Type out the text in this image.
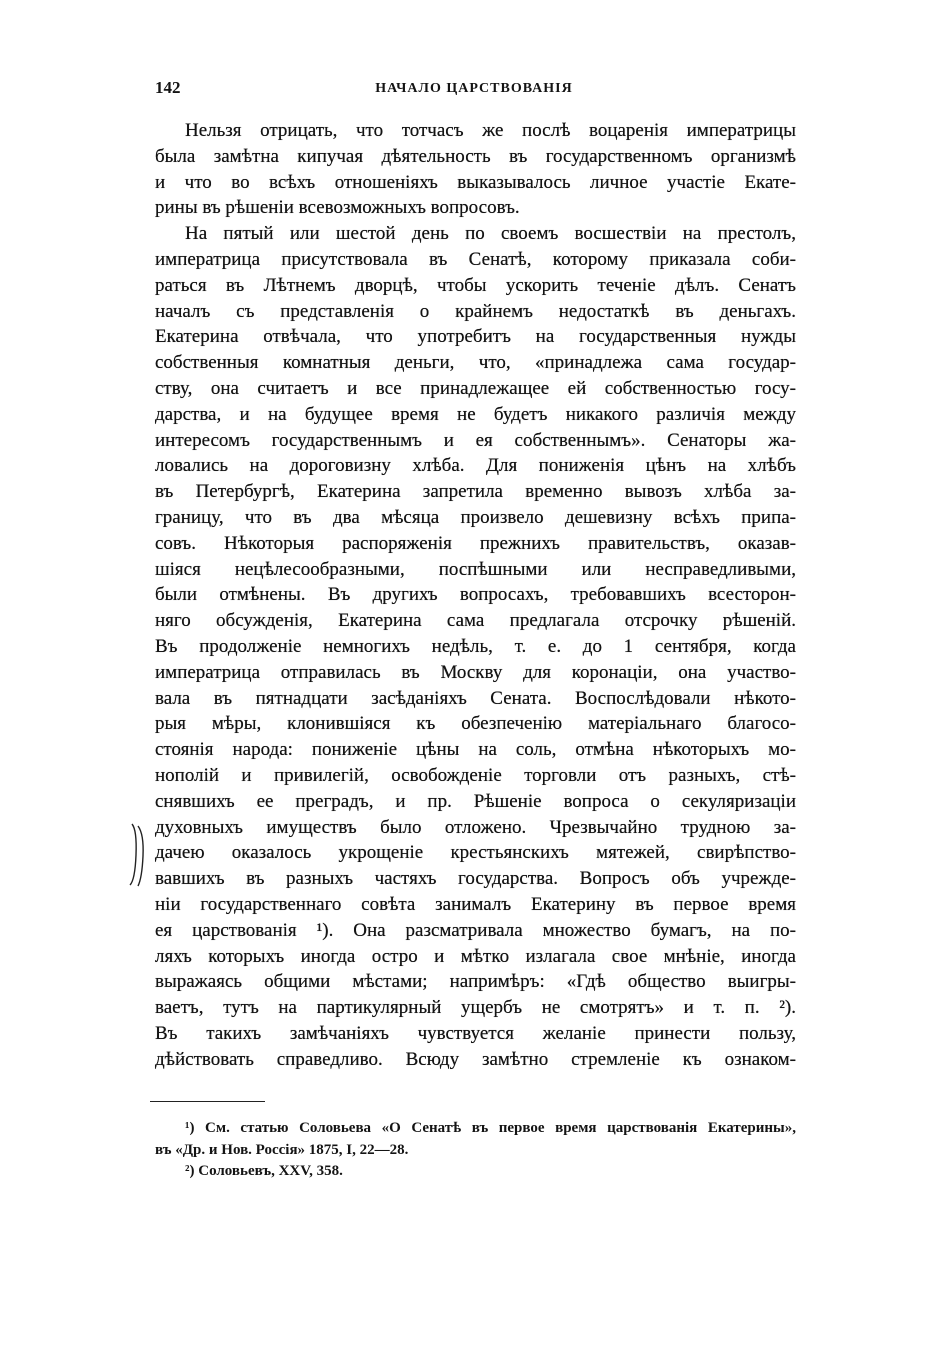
142	НАЧАЛО ЦАРСТВОВАНІЯ
Нельзя отрицать, что тотчасъ же послѣ воцаренія императрицы
была замѣтна кипучая дѣятельность въ государственномъ организмѣ
и что во всѣхъ отношеніяхъ выказывалось личное участіе Екате-
рины въ рѣшеніи всевозможныхъ вопросовъ.
На пятый или шестой день по своемъ восшествіи на престолъ,
императрица присутствовала въ Сенатѣ, которому приказала соби-
раться въ Лѣтнемъ дворцѣ, чтобы ускорить теченіе дѣлъ. Сенатъ
началъ съ представленія о крайнемъ недостаткѣ въ деньгахъ.
Екатерина отвѣчала, что употребитъ на государственныя нужды
собственныя комнатныя деньги, что, «принадлежа сама государ-
ству, она считаетъ и все принадлежащее ей собственностью госу-
дарства, и на будущее время не будетъ никакого различія между
интересомъ государственнымъ и ея собственнымъ». Сенаторы жа-
ловались на дороговизну хлѣба. Для пониженія цѣнъ на хлѣбъ
въ Петербургѣ, Екатерина запретила временно вывозъ хлѣба за-
границу, что въ два мѣсяца произвело дешевизну всѣхъ припа-
совъ. Нѣкоторыя распоряженія прежнихъ правительствъ, оказав-
шіяся нецѣлесообразными, поспѣшными или несправедливыми,
были отмѣнены. Въ другихъ вопросахъ, требовавшихъ всесторон-
няго обсужденія, Екатерина сама предлагала отсрочку рѣшеній.
Въ продолженіе немногихъ недѣль, т. е. до 1 сентября, когда
императрица отправилась въ Москву для коронаціи, она участво-
вала въ пятнадцати засѣданіяхъ Сената. Воспослѣдовали нѣкото-
рыя мѣры, клонившіяся къ обезпеченію матеріальнаго благосо-
стоянія народа: пониженіе цѣны на соль, отмѣна нѣкоторыхъ мо-
нополій и привилегій, освобожденіе торговли отъ разныхъ, стѣ-
снявшихъ ее преградъ, и пр. Рѣшеніе вопроса о секуляризаціи
духовныхъ имуществъ было отложено. Чрезвычайно трудною за-
дачею оказалось укрощеніе крестьянскихъ мятежей, свирѣпство-
вавшихъ въ разныхъ частяхъ государства. Вопросъ объ учрежде-
ніи государственнаго совѣта занималъ Екатерину въ первое время
ея царствованія ¹). Она разсматривала множество бумагъ, на по-
ляхъ которыхъ иногда остро и мѣтко излагала свое мнѣніе, иногда
выражаясь общими мѣстами; напримѣръ: «Гдѣ общество выигры-
ваетъ, тутъ на партикулярный ущербъ не смотрятъ» и т. п. ²).
Въ такихъ замѣчаніяхъ чувствуется желаніе принести пользу,
дѣйствовать справедливо. Всюду замѣтно стремленіе къ ознаком-
¹) См. статью Соловьева «О Сенатѣ въ первое время царствованія Екатерины»,
въ «Др. и Нов. Россія» 1875, I, 22—28.
²) Соловьевъ, XXV, 358.
